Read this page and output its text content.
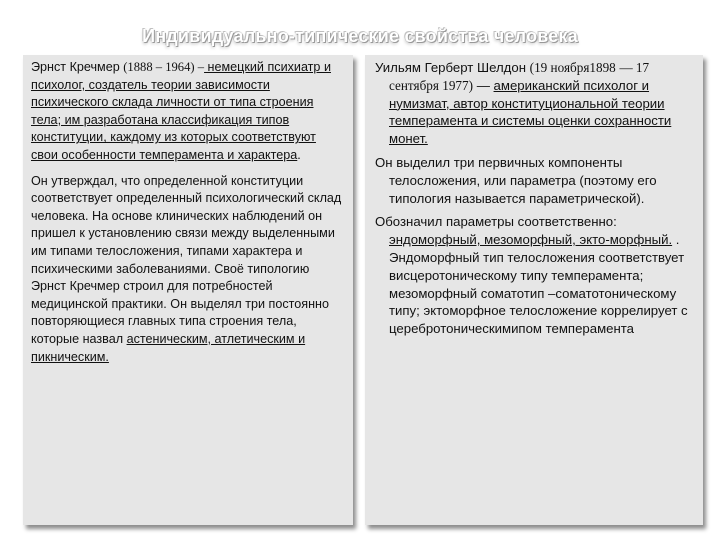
Индивидуально-типические свойства человека

Эрнст Кречмер (1888 – 1964) – немецкий психиатр и психолог, создатель теории зависимости психического склада личности от типа строения тела; им разработана классификация типов конституции, каждому из которых соответствуют свои особенности темперамента и характера.

Он утверждал, что определенной конституции соответствует определенный психологический склад человека. На основе клинических наблюдений он пришел к установлению связи между выделенными им типами телосложения, типами характера и психическими заболеваниями. Своё типологию Эрнст Кречмер строил для потребностей медицинской практики. Он выделял три постоянно повторяющиеся главных типа строения тела, которые назвал астеническим, атлетическим и пикническим.

Уильям Герберт Шелдон (19 ноября1898 — 17 сентября 1977) — американский психолог и нумизмат, автор конституциональной теории темперамента и системы оценки сохранности монет.

Он выделил три первичных компоненты телосложения, или параметра (поэтому его типология называется параметрической).

Обозначил параметры соответственно: эндоморфный, мезоморфный, экто-морфный. . Эндоморфный тип телосложения соответствует висцеротоническому типу темперамента; мезоморфный соматотип –соматотоническому типу; эктоморфное телосложение коррелирует с церебротоническимипом темперамента
